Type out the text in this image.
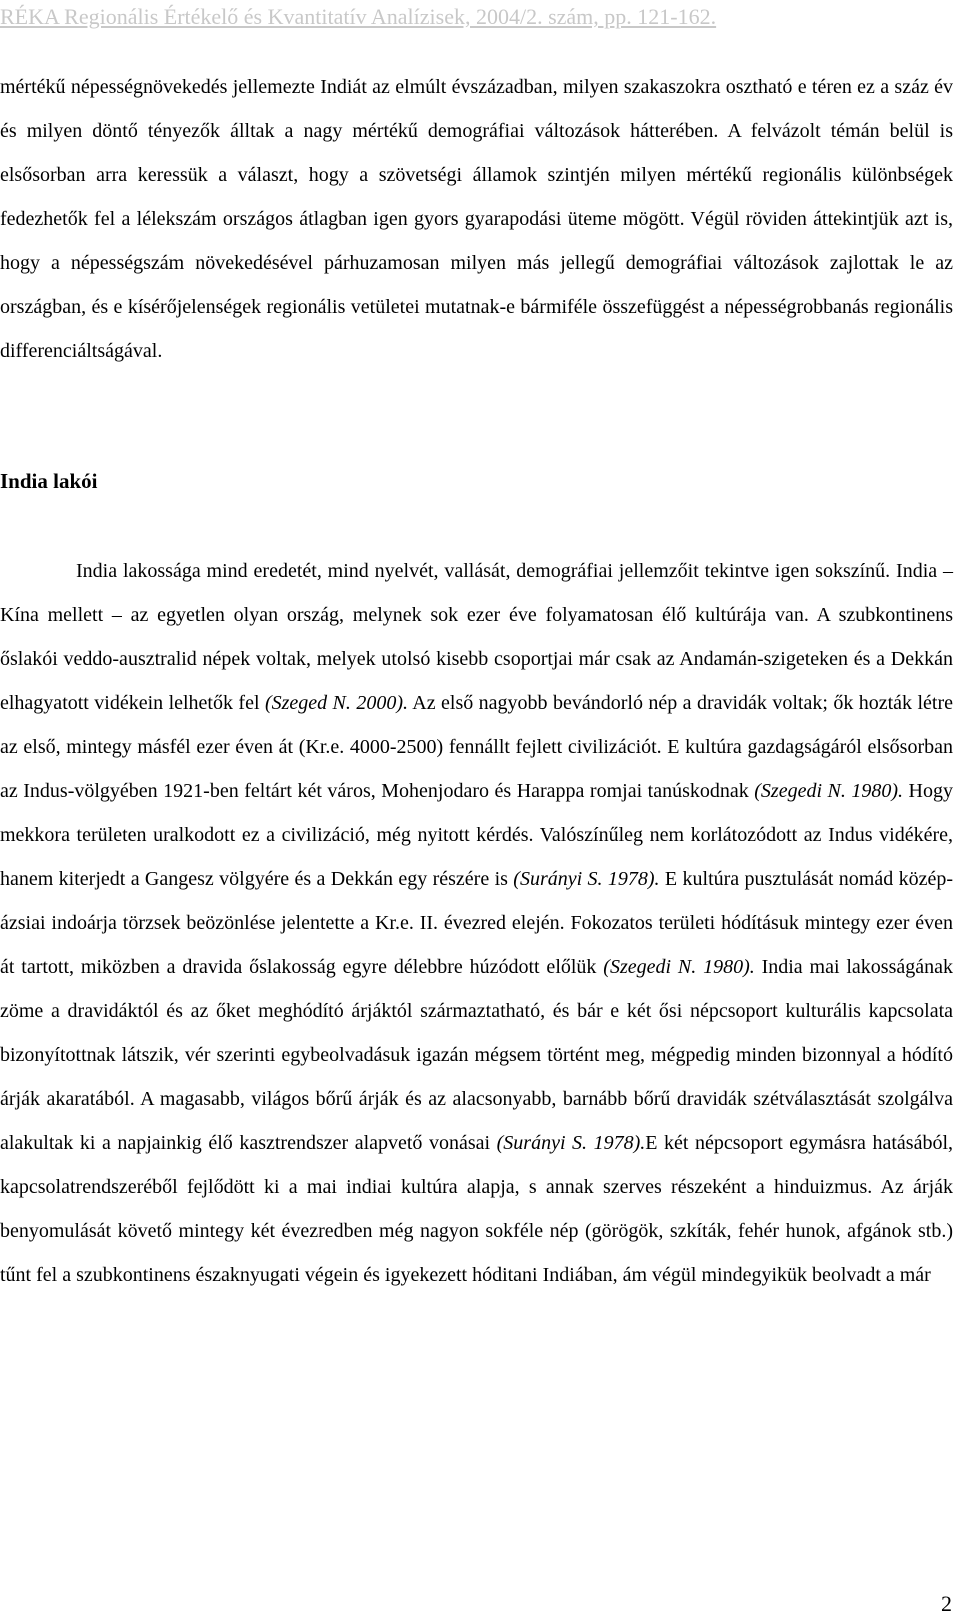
RÉKA Regionális Értékelő és Kvantitatív Analízisek, 2004/2. szám, pp. 121-162.

mértékű népességnövekedés jellemezte Indiát az elmúlt évszázadban, milyen szakaszokra osztható e téren ez a száz év és milyen döntő tényezők álltak a nagy mértékű demográfiai változások hátterében. A felvázolt témán belül is elsősorban arra keressük a választ, hogy a szövetségi államok szintjén milyen mértékű regionális különbségek fedezhetők fel a lélekszám országos átlagban igen gyors gyarapodási üteme mögött. Végül röviden áttekintjük azt is, hogy a népességszám növekedésével párhuzamosan milyen más jellegű demográfiai változások zajlottak le az országban, és e kísérőjelenségek regionális vetületei mutatnak-e bármiféle összefüggést a népességrobbanás regionális differenciáltságával.

India lakói

India lakossága mind eredetét, mind nyelvét, vallását, demográfiai jellemzőit tekintve igen sokszínű. India – Kína mellett – az egyetlen olyan ország, melynek sok ezer éve folyamatosan élő kultúrája van. A szubkontinens őslakói veddo-ausztralid népek voltak, melyek utolsó kisebb csoportjai már csak az Andamán-szigeteken és a Dekkán elhagyatott vidékein lelhetők fel (Szeged N. 2000). Az első nagyobb bevándorló nép a dravidák voltak; ők hozták létre az első, mintegy másfél ezer éven át (Kr.e. 4000-2500) fennállt fejlett civilizációt. E kultúra gazdagságáról elsősorban az Indus-völgyében 1921-ben feltárt két város, Mohenjodaro és Harappa romjai tanúskodnak (Szegedi N. 1980). Hogy mekkora területen uralkodott ez a civilizáció, még nyitott kérdés. Valószínűleg nem korlátozódott az Indus vidékére, hanem kiterjedt a Gangesz völgyére és a Dekkán egy részére is (Surányi S. 1978). E kultúra pusztulását nomád közép-ázsiai indoárja törzsek beözönlése jelentette a Kr.e. II. évezred elején. Fokozatos területi hódításuk mintegy ezer éven át tartott, miközben a dravida őslakosság egyre délebbre húzódott előlük (Szegedi N. 1980). India mai lakosságának zöme a dravidáktól és az őket meghódító árjáktól származtatható, és bár e két ősi népcsoport kulturális kapcsolata bizonyítottnak látszik, vér szerinti egybeolvadásuk igazán mégsem történt meg, mégpedig minden bizonnyal a hódító árják akaratából. A magasabb, világos bőrű árják és az alacsonyabb, barnább bőrű dravidák szétválasztását szolgálva alakultak ki a napjainkig élő kasztrendszer alapvető vonásai (Surányi S. 1978).E két népcsoport egymásra hatásából, kapcsolatrendszeréből fejlődött ki a mai indiai kultúra alapja, s annak szerves részeként a hinduizmus. Az árják benyomulását követő mintegy két évezredben még nagyon sokféle nép (görögök, szkíták, fehér hunok, afgánok stb.) tűnt fel a szubkontinens északnyugati végein és igyekezett hóditani Indiában, ám végül mindegyikük beolvadt a már

2
